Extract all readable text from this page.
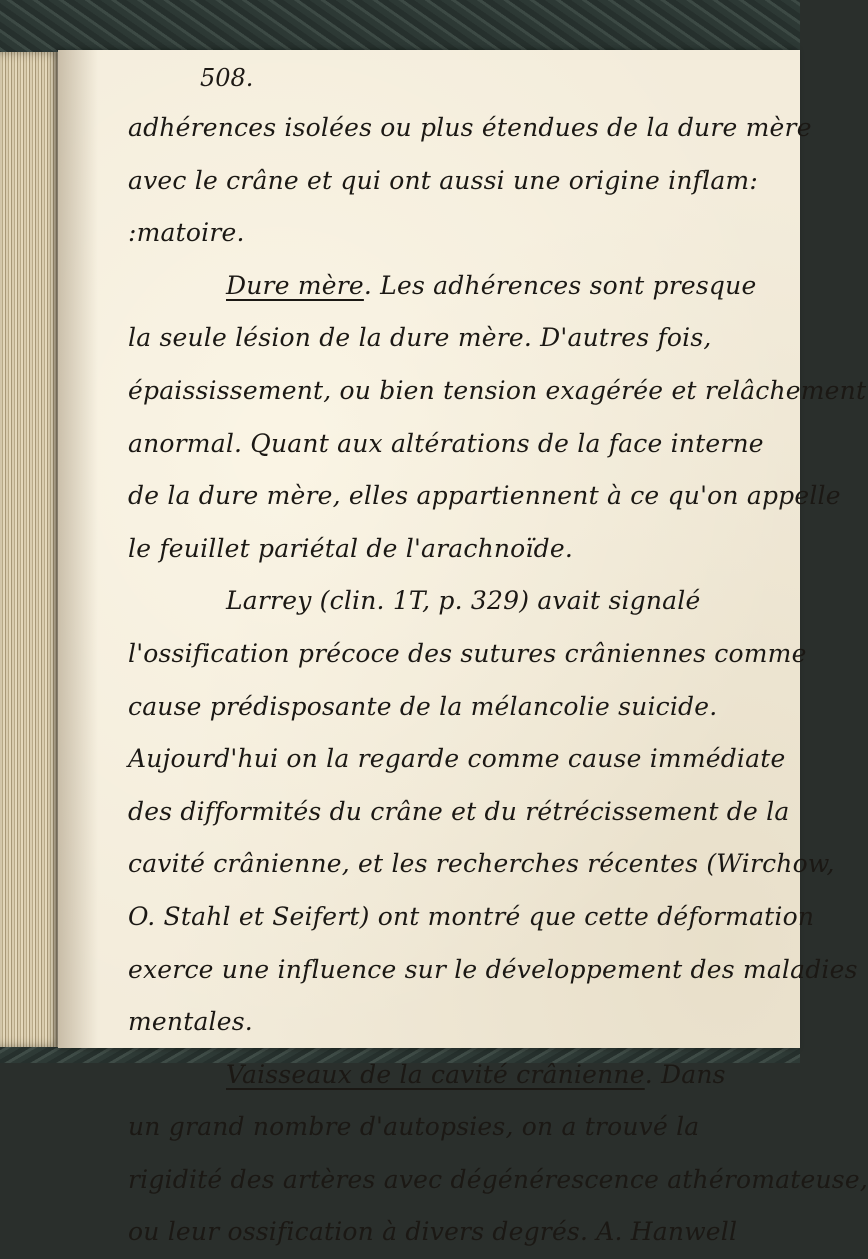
508.

adhérences isolées ou plus étendues de la dure mère
avec le crâne et qui ont aussi une origine inflam:
:matoire.
Dure mère. Les adhérences sont presque
la seule lésion de la dure mère. D'autres fois,
épaississement, ou bien tension exagérée et relâchement
anormal. Quant aux altérations de la face interne
de la dure mère, elles appartiennent à ce qu'on appelle
le feuillet pariétal de l'arachnoïde.
Larrey (clin. 1T, p. 329) avait signalé
l'ossification précoce des sutures crâniennes comme
cause prédisposante de la mélancolie suicide.
Aujourd'hui on la regarde comme cause immédiate
des difformités du crâne et du rétrécissement de la
cavité crânienne, et les recherches récentes (Wirchow,
O. Stahl et Seifert) ont montré que cette déformation
exerce une influence sur le développement des maladies
mentales.
Vaisseaux de la cavité crânienne. Dans
un grand nombre d'autopsies, on a trouvé la
rigidité des artères avec dégénérescence athéromateuse,
ou leur ossification à divers degrés. A. Hanwell
